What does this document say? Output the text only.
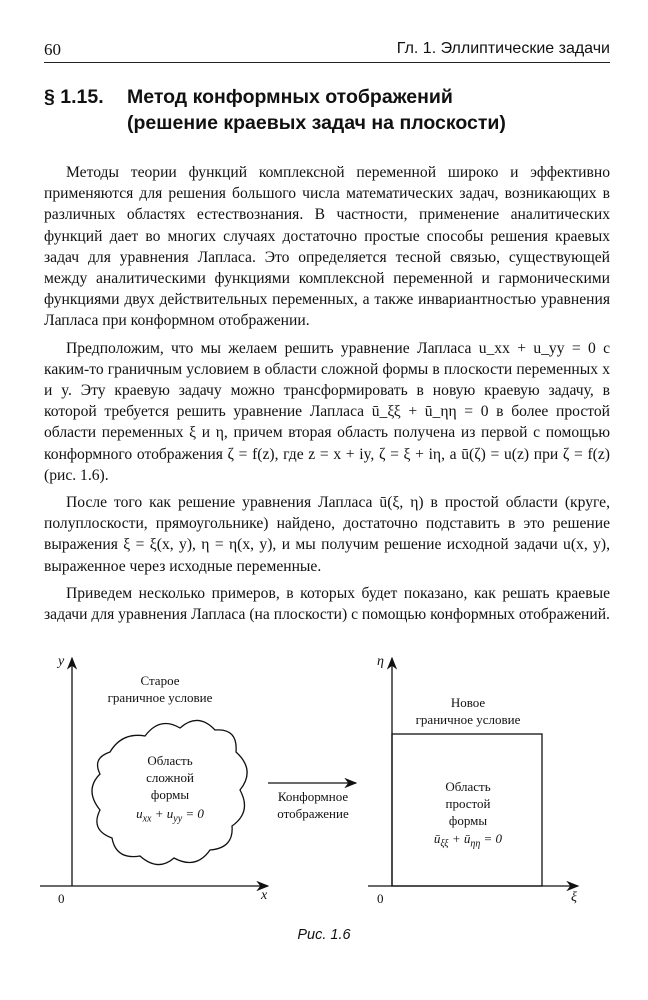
60	Гл. 1. Эллиптические задачи
§ 1.15. Метод конформных отображений
(решение краевых задач на плоскости)

Методы теории функций комплексной переменной широко и эффективно применяются для решения большого числа математических задач, возникающих в различных областях естествознания. В частности, применение аналитических функций дает во многих случаях достаточно простые способы решения краевых задач для уравнения Лапласа. Это определяется тесной связью, существующей между аналитическими функциями комплексной переменной и гармоническими функциями двух действительных переменных, а также инвариантностью уравнения Лапласа при конформном отображении.

Предположим, что мы желаем решить уравнение Лапласа u_xx + u_yy = 0 с каким-то граничным условием в области сложной формы в плоскости переменных x и y. Эту краевую задачу можно трансформировать в новую краевую задачу, в которой требуется решить уравнение Лапласа ū_ξξ + ū_ηη = 0 в более простой области переменных ξ и η, причем вторая область получена из первой с помощью конформного отображения ζ = f(z), где z = x + iy, ζ = ξ + iη, а ū(ζ) = u(z) при ζ = f(z) (рис. 1.6).

После того как решение уравнения Лапласа ū(ξ, η) в простой области (круге, полуплоскости, прямоугольнике) найдено, достаточно подставить в это решение выражения ξ = ξ(x, y), η = η(x, y), и мы получим решение исходной задачи u(x, y), выраженное через исходные переменные.

Приведем несколько примеров, в которых будет показано, как решать краевые задачи для уравнения Лапласа (на плоскости) с помощью конформных отображений.

y
x
0
Старое
граничное условие
Область
сложной
формы
$u_{xx} + u_{yy} = 0$
Конформное
отображение
η
ξ
0
Новое
граничное условие
Область
простой
формы
$ū_{\xi\xi}$ + $ū_{\eta\eta} = 0$
Рис. 1.6
